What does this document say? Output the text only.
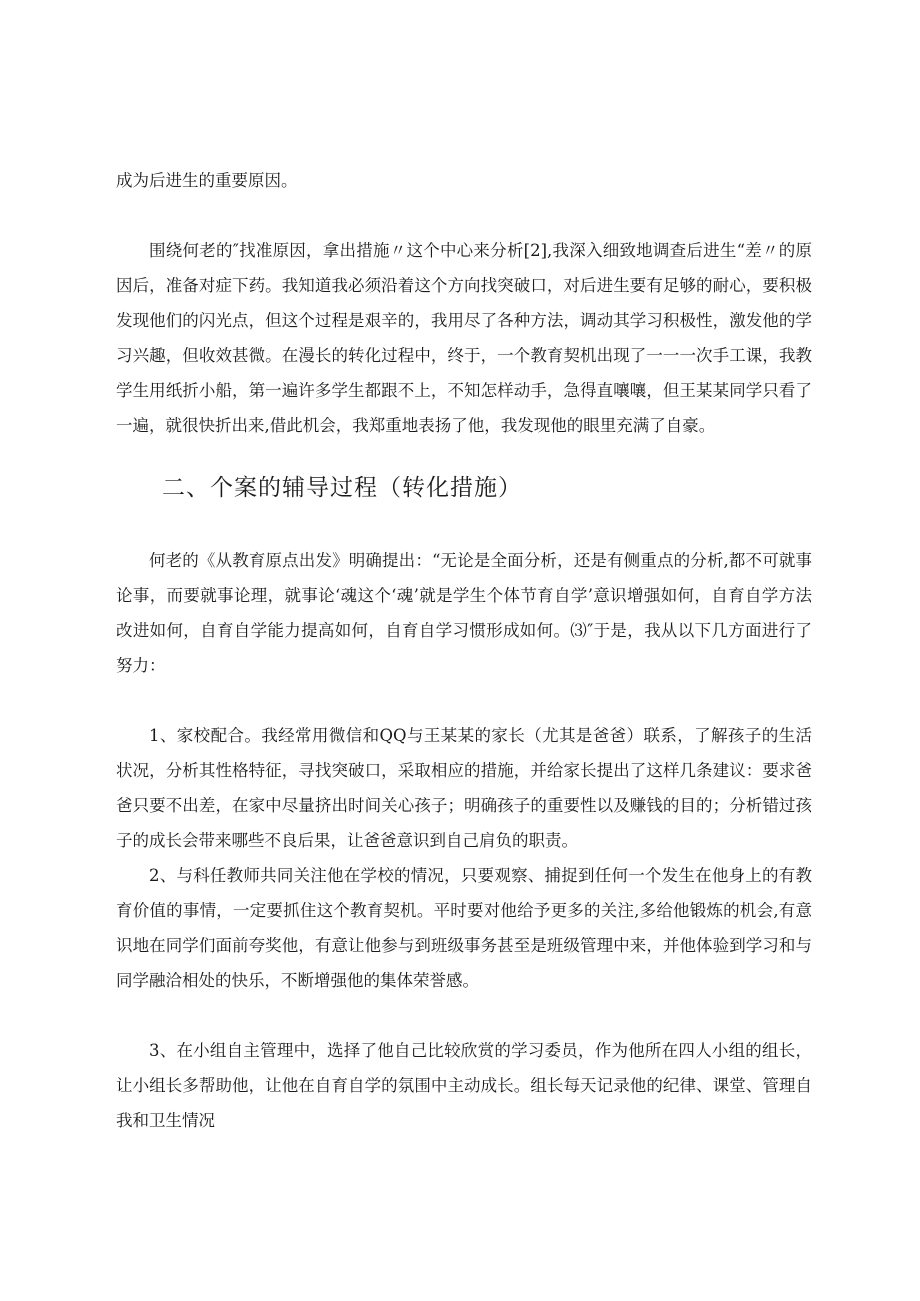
成为后进生的重要原因。

围绕何老的″找准原因，拿出措施〃这个中心来分析[2],我深入细致地调查后进生“差〃的原因后，准备对症下药。我知道我必须沿着这个方向找突破口，对后进生要有足够的耐心，要积极发现他们的闪光点，但这个过程是艰辛的，我用尽了各种方法，调动其学习积极性，激发他的学习兴趣，但收效甚微。在漫长的转化过程中，终于，一个教育契机出现了一一一次手工课，我教学生用纸折小船，第一遍许多学生都跟不上，不知怎样动手，急得直嚷嚷，但王某某同学只看了一遍，就很快折出来,借此机会，我郑重地表扬了他，我发现他的眼里充满了自豪。

二、个案的辅导过程（转化措施）

何老的《从教育原点出发》明确提出：“无论是全面分析，还是有侧重点的分析,都不可就事论事，而要就事论理，就事论‘魂这个‘魂’就是学生个体节育自学’意识增强如何，自育自学方法改进如何，自育自学能力提高如何，自育自学习惯形成如何。⑶″于是，我从以下几方面进行了努力：

1、家校配合。我经常用微信和QQ与王某某的家长（尤其是爸爸）联系，了解孩子的生活状况，分析其性格特征，寻找突破口，采取相应的措施，并给家长提出了这样几条建议：要求爸爸只要不出差，在家中尽量挤出时间关心孩子；明确孩子的重要性以及赚钱的目的；分析错过孩子的成长会带来哪些不良后果，让爸爸意识到自己肩负的职责。

2、与科任教师共同关注他在学校的情况，只要观察、捕捉到任何一个发生在他身上的有教育价值的事情，一定要抓住这个教育契机。平时要对他给予更多的关注,多给他锻炼的机会,有意识地在同学们面前夸奖他，有意让他参与到班级事务甚至是班级管理中来，并他体验到学习和与同学融洽相处的快乐，不断增强他的集体荣誉感。

3、在小组自主管理中，选择了他自己比较欣赏的学习委员，作为他所在四人小组的组长，让小组长多帮助他，让他在自育自学的氛围中主动成长。组长每天记录他的纪律、课堂、管理自我和卫生情况
